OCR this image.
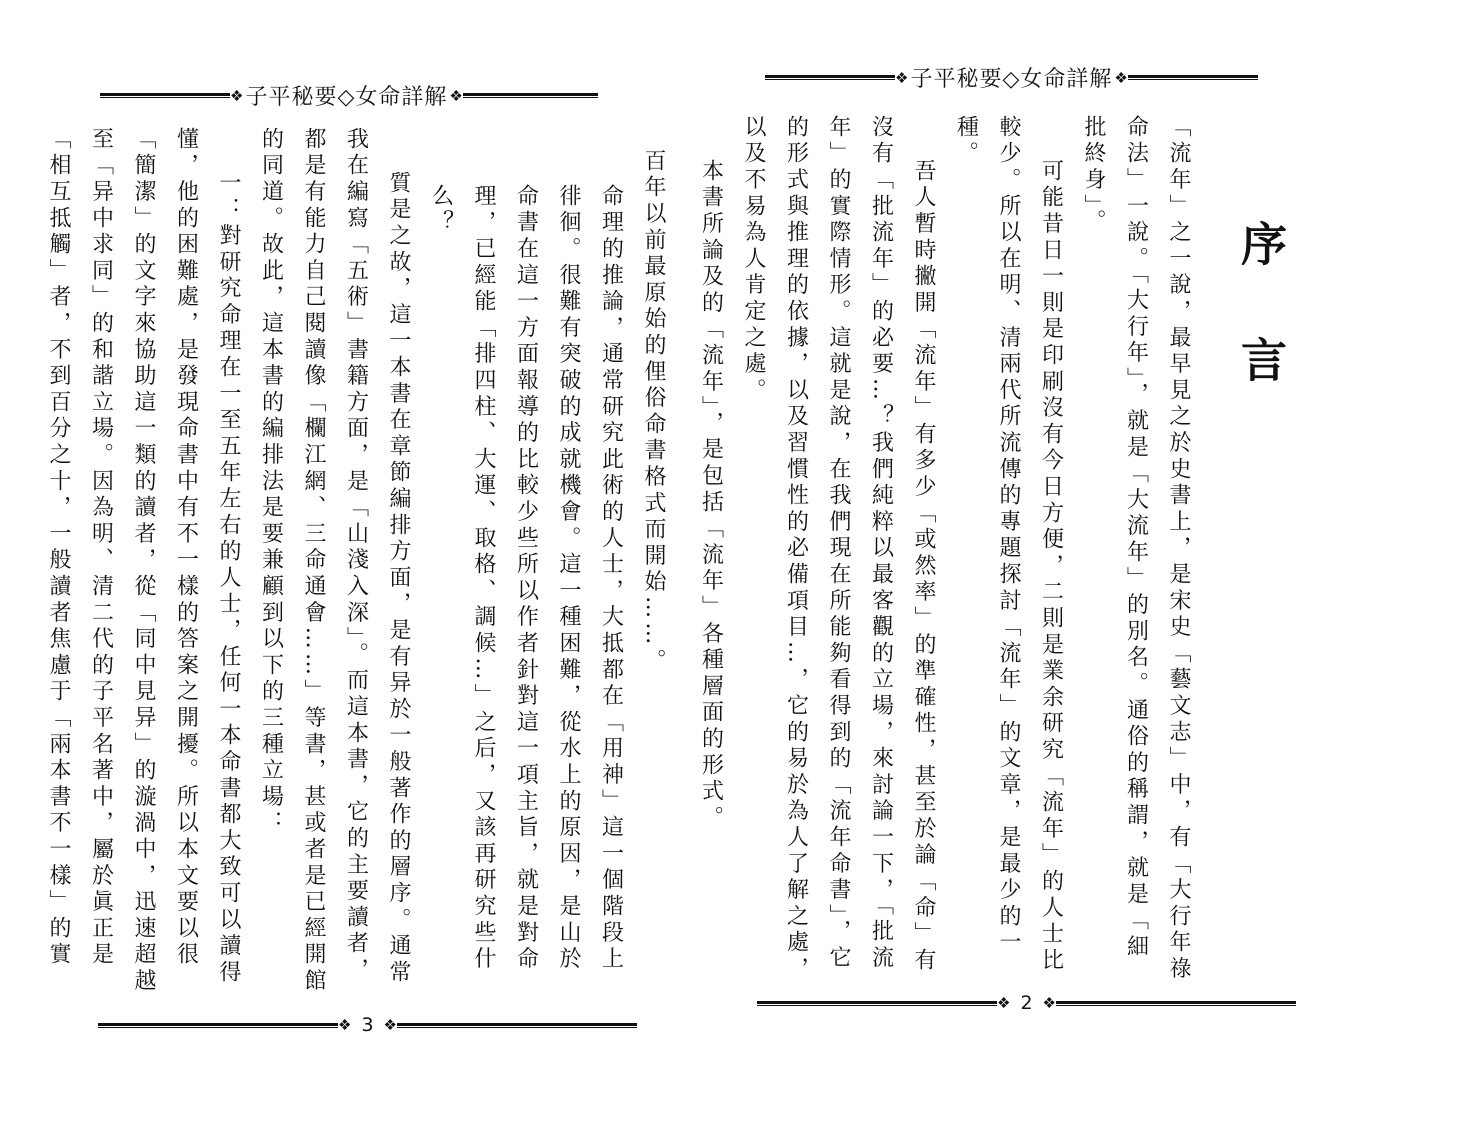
❖ 子平秘要◇女命詳解 ❖

百年以前最原始的俚俗命書格式而開始……。

命理的推論，通常研究此術的人士，大抵都在「用神」這一個階段上徘徊。很難有突破的成就機會。這一種困難，從水上的原因，是山於命書在這一方面報導的比較少些所以作者針對這一項主旨，就是對命理，已經能「排四柱、大運、取格、調候…」之后，又該再研究些什么？

質是之故，這一本書在章節編排方面，是有异於一般著作的層序。通常我在編寫「五術」書籍方面，是「山淺入深」。而這本書，它的主要讀者，都是有能力自己閱讀像「欄江網、三命通會……」等書，甚或者是已經開館的同道。故此，這本書的編排法是要兼顧到以下的三種立場：

一：對研究命理在一至五年左右的人士，任何一本命書都大致可以讀得懂，他的困難處，是發現命書中有不一樣的答案之開擾。所以本文要以很「簡潔」的文字來協助這一類的讀者，從「同中見异」的漩渦中，迅速超越至「异中求同」的和諧立場。因為明、清二代的子平名著中，屬於眞正是「相互抵觸」者，不到百分之十，一般讀者焦慮于「兩本書不一樣」的實

❖ 3 ❖
❖ 子平秘要◇女命詳解 ❖
序言

「流年」之一說，最早見之於史書上，是宋史「藝文志」中，有「大行年祿命法」一說。「大行年」，就是「大流年」的別名。通俗的稱謂，就是「細批終身」。

可能昔日一則是印刷沒有今日方便，二則是業余研究「流年」的人士比較少。所以在明、清兩代所流傳的專題探討「流年」的文章，是最少的一種。

吾人暫時撇開「流年」有多少「或然率」的準確性，甚至於論「命」有沒有「批流年」的必要…？我們純粹以最客觀的立場，來討論一下，「批流年」的實際情形。這就是說，在我們現在所能夠看得到的「流年命書」，它的形式與推理的依據，以及習慣性的必備項目…，它的易於為人了解之處，以及不易為人肯定之處。

本書所論及的「流年」，是包括「流年」各種層面的形式。

❖ 2 ❖
